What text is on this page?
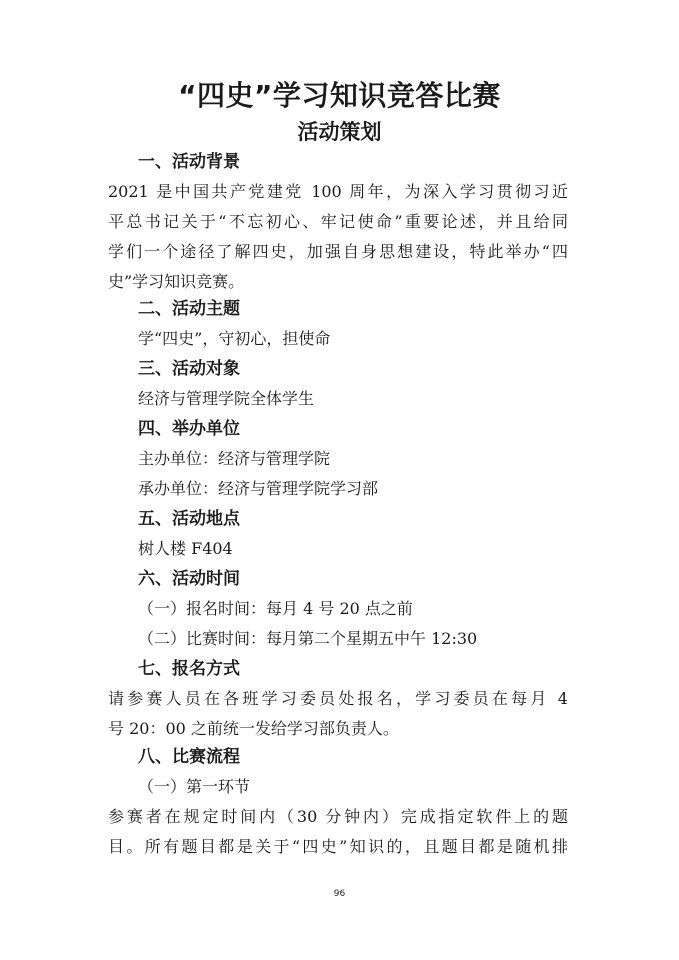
“四史”学习知识竞答比赛
活动策划
一、活动背景
2021 是中国共产党建党 100 周年，为深入学习贯彻习近
平总书记关于“不忘初心、牢记使命”重要论述，并且给同
学们一个途径了解四史，加强自身思想建设，特此举办“四
史”学习知识竞赛。
二、活动主题
学“四史”，守初心，担使命
三、活动对象
经济与管理学院全体学生
四、举办单位
主办单位：经济与管理学院
承办单位：经济与管理学院学习部
五、活动地点
树人楼 F404
六、活动时间
（一）报名时间：每月 4 号 20 点之前
（二）比赛时间：每月第二个星期五中午 12:30
七、报名方式
请参赛人员在各班学习委员处报名，学习委员在每月 4
号 20：00 之前统一发给学习部负责人。
八、比赛流程
（一）第一环节
参赛者在规定时间内（30 分钟内）完成指定软件上的题
目。所有题目都是关于“四史”知识的，且题目都是随机排
96
